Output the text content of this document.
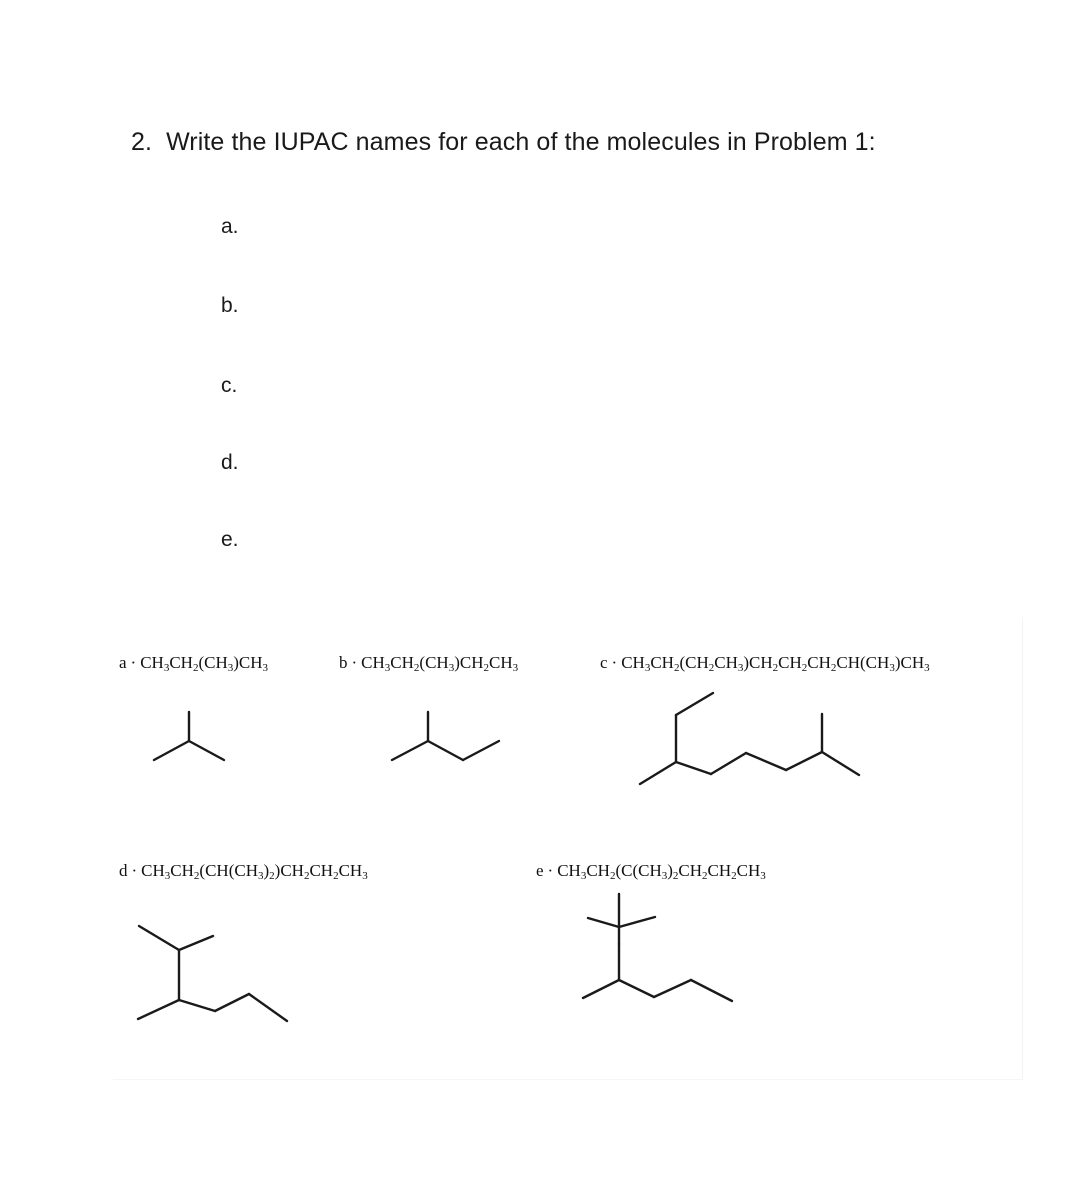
2. Write the IUPAC names for each of the molecules in Problem 1:
a.
b.
c.
d.
e.
$a \cdot CH_3CH_2(CH_3)CH_3$	$b \cdot CH_3CH_2(CH_3)CH_2CH_3$	$c \cdot CH_3CH_2(CH_2CH_3)CH_2CH_2CH_2CH(CH_3)CH_3$
$d \cdot CH_3CH_2(CH(CH_3)_2)CH_2CH_2CH_3$	$e \cdot CH_3CH_2(C(CH_3)_2CH_2CH_2CH_3$
